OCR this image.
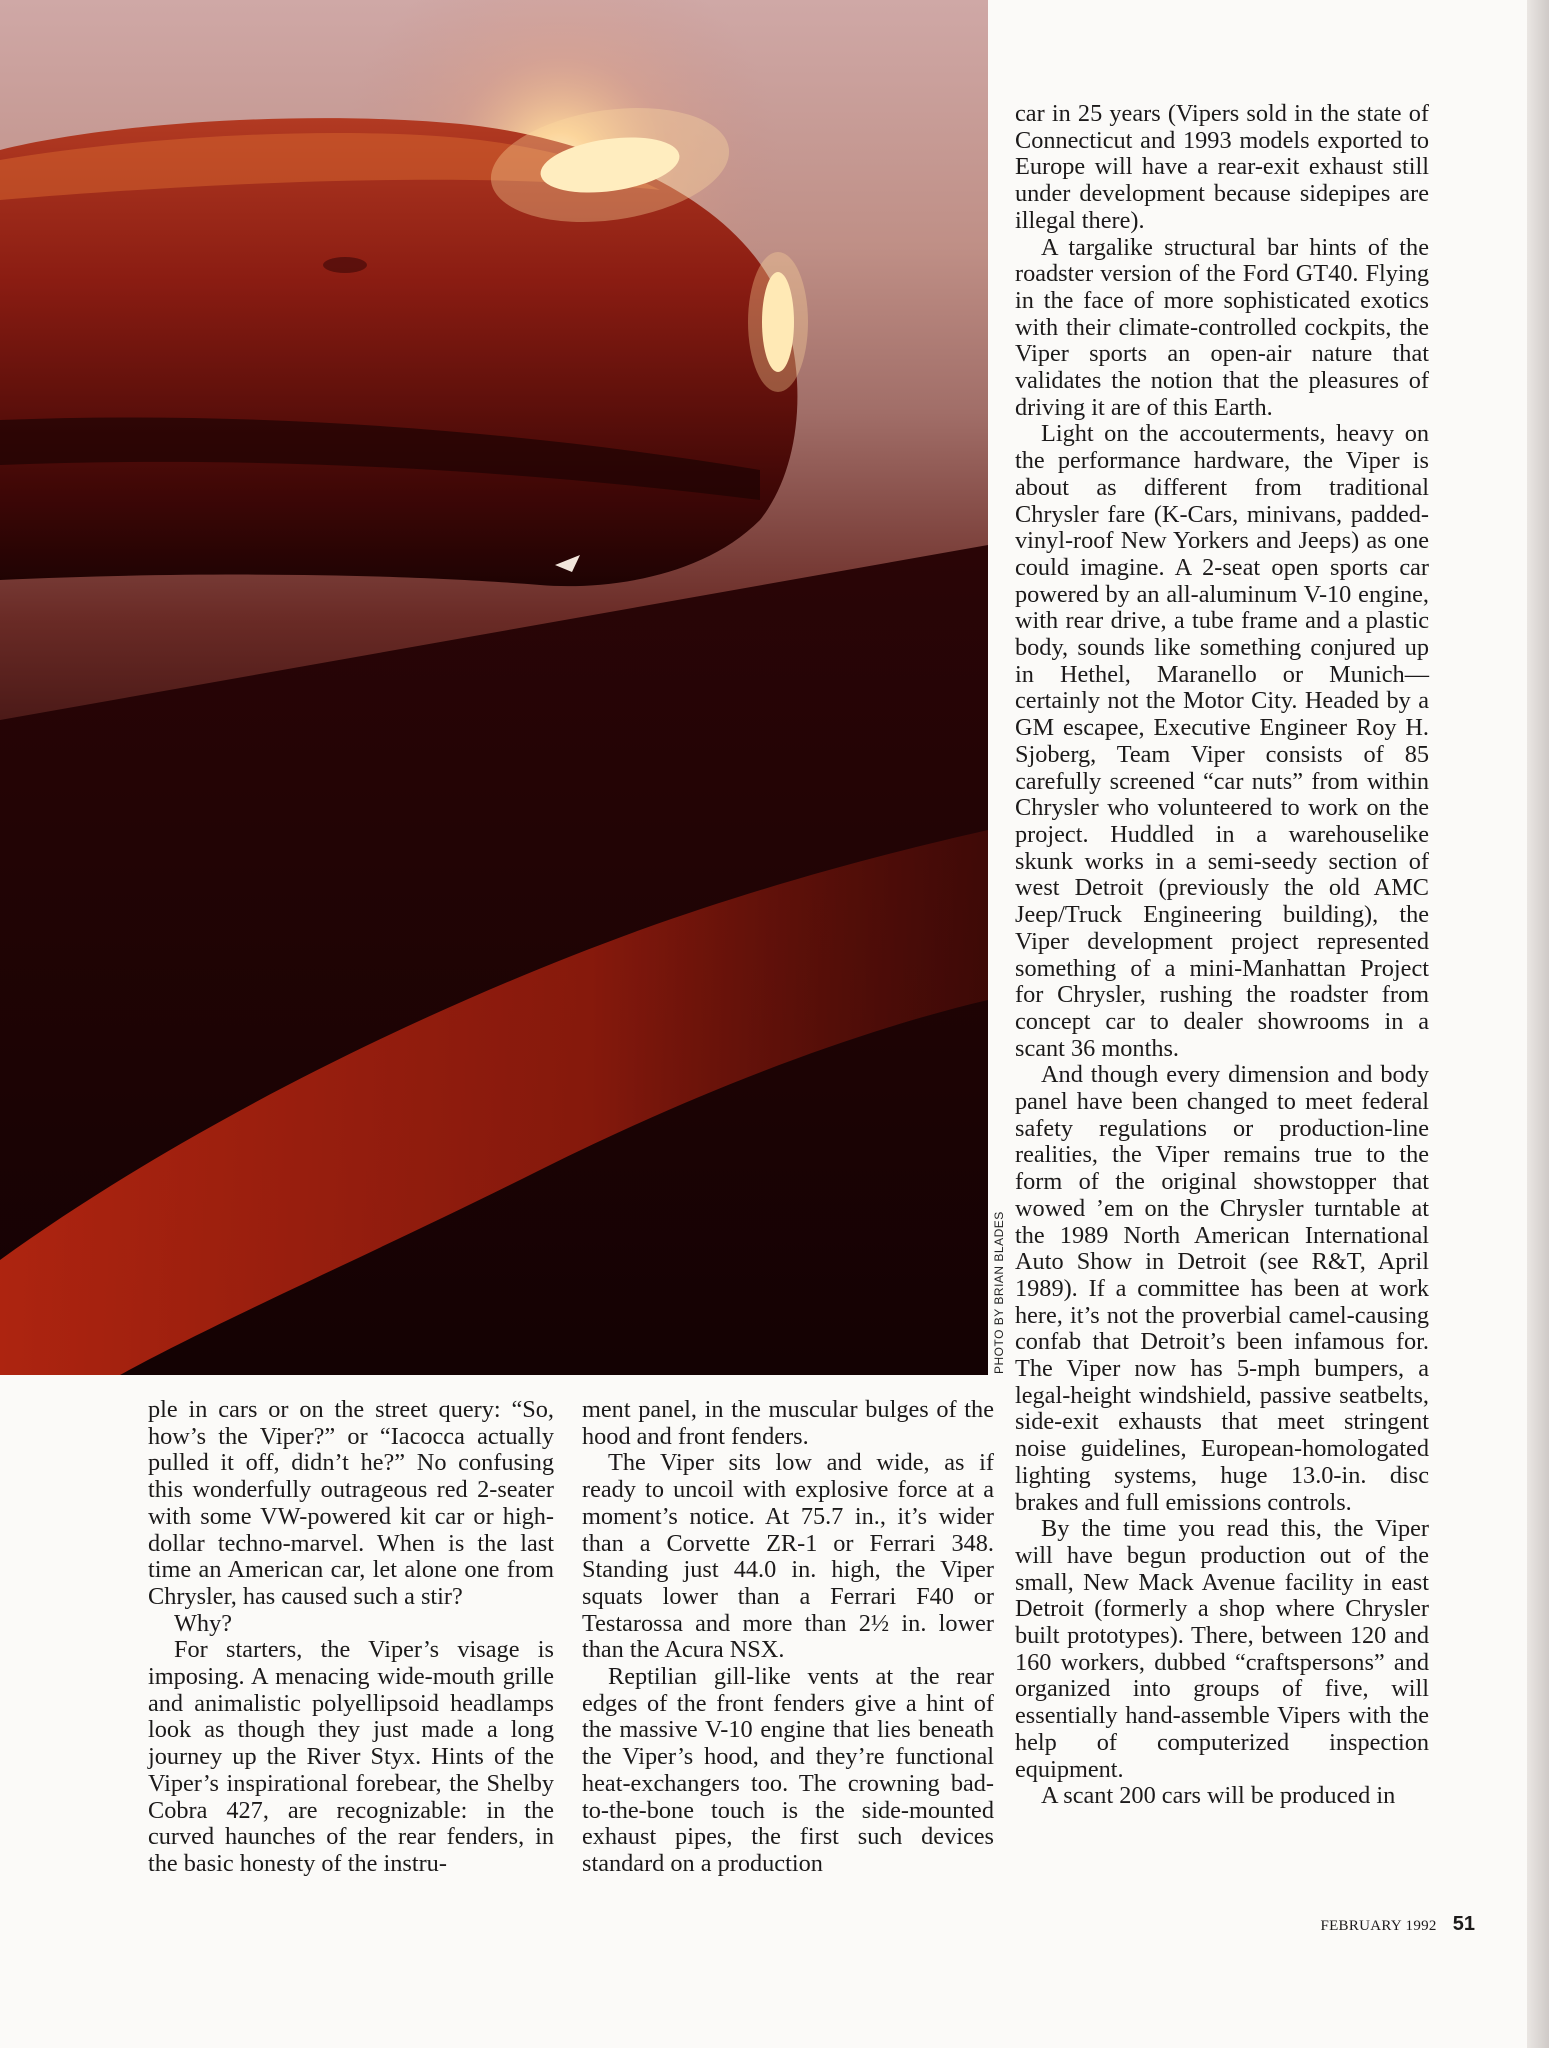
PHOTO BY BRIAN BLADES

ple in cars or on the street query: “So, how’s the Viper?” or “Iacocca actually pulled it off, didn’t he?” No confusing this wonderfully outrageous red 2-seater with some VW-powered kit car or high-dollar techno-marvel. When is the last time an American car, let alone one from Chrysler, has caused such a stir?

Why?

For starters, the Viper’s visage is imposing. A menacing wide-mouth grille and animalistic polyellipsoid headlamps look as though they just made a long journey up the River Styx. Hints of the Viper’s inspirational forebear, the Shelby Cobra 427, are recognizable: in the curved haunches of the rear fenders, in the basic honesty of the instru-

ment panel, in the muscular bulges of the hood and front fenders.

The Viper sits low and wide, as if ready to uncoil with explosive force at a moment’s notice. At 75.7 in., it’s wider than a Corvette ZR-1 or Ferrari 348. Standing just 44.0 in. high, the Viper squats lower than a Ferrari F40 or Testarossa and more than 2½ in. lower than the Acura NSX.

Reptilian gill-like vents at the rear edges of the front fenders give a hint of the massive V-10 engine that lies beneath the Viper’s hood, and they’re functional heat-exchangers too. The crowning bad-to-the-bone touch is the side-mounted exhaust pipes, the first such devices standard on a production

car in 25 years (Vipers sold in the state of Connecticut and 1993 models exported to Europe will have a rear-exit exhaust still under development because sidepipes are illegal there).

A targalike structural bar hints of the roadster version of the Ford GT40. Flying in the face of more sophisticated exotics with their climate-controlled cockpits, the Viper sports an open-air nature that validates the notion that the pleasures of driving it are of this Earth.

Light on the accouterments, heavy on the performance hardware, the Viper is about as different from traditional Chrysler fare (K-Cars, minivans, padded-vinyl-roof New Yorkers and Jeeps) as one could imagine. A 2-seat open sports car powered by an all-aluminum V-10 engine, with rear drive, a tube frame and a plastic body, sounds like something conjured up in Hethel, Maranello or Munich—certainly not the Motor City. Headed by a GM escapee, Executive Engineer Roy H. Sjoberg, Team Viper consists of 85 carefully screened “car nuts” from within Chrysler who volunteered to work on the project. Huddled in a warehouselike skunk works in a semi-seedy section of west Detroit (previously the old AMC Jeep/Truck Engineering building), the Viper development project represented something of a mini-Manhattan Project for Chrysler, rushing the roadster from concept car to dealer showrooms in a scant 36 months.

And though every dimension and body panel have been changed to meet federal safety regulations or production-line realities, the Viper remains true to the form of the original showstopper that wowed ’em on the Chrysler turntable at the 1989 North American International Auto Show in Detroit (see R&T, April 1989). If a committee has been at work here, it’s not the proverbial camel-causing confab that Detroit’s been infamous for. The Viper now has 5-mph bumpers, a legal-height windshield, passive seatbelts, side-exit exhausts that meet stringent noise guidelines, European-homologated lighting systems, huge 13.0-in. disc brakes and full emissions controls.

By the time you read this, the Viper will have begun production out of the small, New Mack Avenue facility in east Detroit (formerly a shop where Chrysler built prototypes). There, between 120 and 160 workers, dubbed “craftspersons” and organized into groups of five, will essentially hand-assemble Vipers with the help of computerized inspection equipment.

A scant 200 cars will be produced in

FEBRUARY 1992 51
